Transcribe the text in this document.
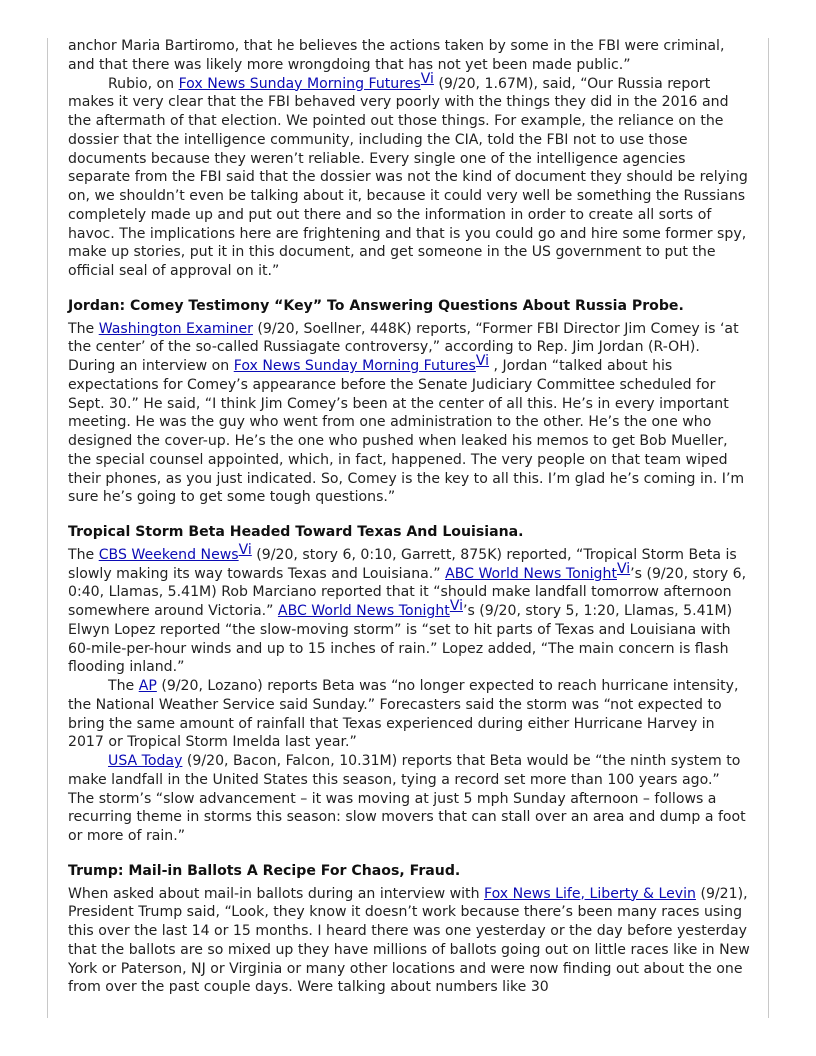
anchor Maria Bartiromo, that he believes the actions taken by some in the FBI were criminal, and that there was likely more wrongdoing that has not yet been made public.”

Rubio, on Fox News Sunday Morning FuturesVi (9/20, 1.67M), said, “Our Russia report makes it very clear that the FBI behaved very poorly with the things they did in the 2016 and the aftermath of that election. We pointed out those things. For example, the reliance on the dossier that the intelligence community, including the CIA, told the FBI not to use those documents because they weren’t reliable. Every single one of the intelligence agencies separate from the FBI said that the dossier was not the kind of document they should be relying on, we shouldn’t even be talking about it, because it could very well be something the Russians completely made up and put out there and so the information in order to create all sorts of havoc. The implications here are frightening and that is you could go and hire some former spy, make up stories, put it in this document, and get someone in the US government to put the official seal of approval on it.”

Jordan: Comey Testimony “Key” To Answering Questions About Russia Probe.

The Washington Examiner (9/20, Soellner, 448K) reports, “Former FBI Director Jim Comey is ‘at the center’ of the so-called Russiagate controversy,” according to Rep. Jim Jordan (R-OH). During an interview on Fox News Sunday Morning FuturesVi , Jordan “talked about his expectations for Comey’s appearance before the Senate Judiciary Committee scheduled for Sept. 30.” He said, “I think Jim Comey’s been at the center of all this. He’s in every important meeting. He was the guy who went from one administration to the other. He’s the one who designed the cover-up. He’s the one who pushed when leaked his memos to get Bob Mueller, the special counsel appointed, which, in fact, happened. The very people on that team wiped their phones, as you just indicated. So, Comey is the key to all this. I’m glad he’s coming in. I’m sure he’s going to get some tough questions.”

Tropical Storm Beta Headed Toward Texas And Louisiana.

The CBS Weekend NewsVi (9/20, story 6, 0:10, Garrett, 875K) reported, “Tropical Storm Beta is slowly making its way towards Texas and Louisiana.” ABC World News TonightVi’s (9/20, story 6, 0:40, Llamas, 5.41M) Rob Marciano reported that it “should make landfall tomorrow afternoon somewhere around Victoria.” ABC World News TonightVi’s (9/20, story 5, 1:20, Llamas, 5.41M) Elwyn Lopez reported “the slow-moving storm” is “set to hit parts of Texas and Louisiana with 60-mile-per-hour winds and up to 15 inches of rain.” Lopez added, “The main concern is flash flooding inland.”

The AP (9/20, Lozano) reports Beta was “no longer expected to reach hurricane intensity, the National Weather Service said Sunday.” Forecasters said the storm was “not expected to bring the same amount of rainfall that Texas experienced during either Hurricane Harvey in 2017 or Tropical Storm Imelda last year.”

USA Today (9/20, Bacon, Falcon, 10.31M) reports that Beta would be “the ninth system to make landfall in the United States this season, tying a record set more than 100 years ago.” The storm’s “slow advancement – it was moving at just 5 mph Sunday afternoon – follows a recurring theme in storms this season: slow movers that can stall over an area and dump a foot or more of rain.”

Trump: Mail-in Ballots A Recipe For Chaos, Fraud.

When asked about mail-in ballots during an interview with Fox News Life, Liberty & Levin (9/21), President Trump said, “Look, they know it doesn’t work because there’s been many races using this over the last 14 or 15 months. I heard there was one yesterday or the day before yesterday that the ballots are so mixed up they have millions of ballots going out on little races like in New York or Paterson, NJ or Virginia or many other locations and were now finding out about the one from over the past couple days. Were talking about numbers like 30
